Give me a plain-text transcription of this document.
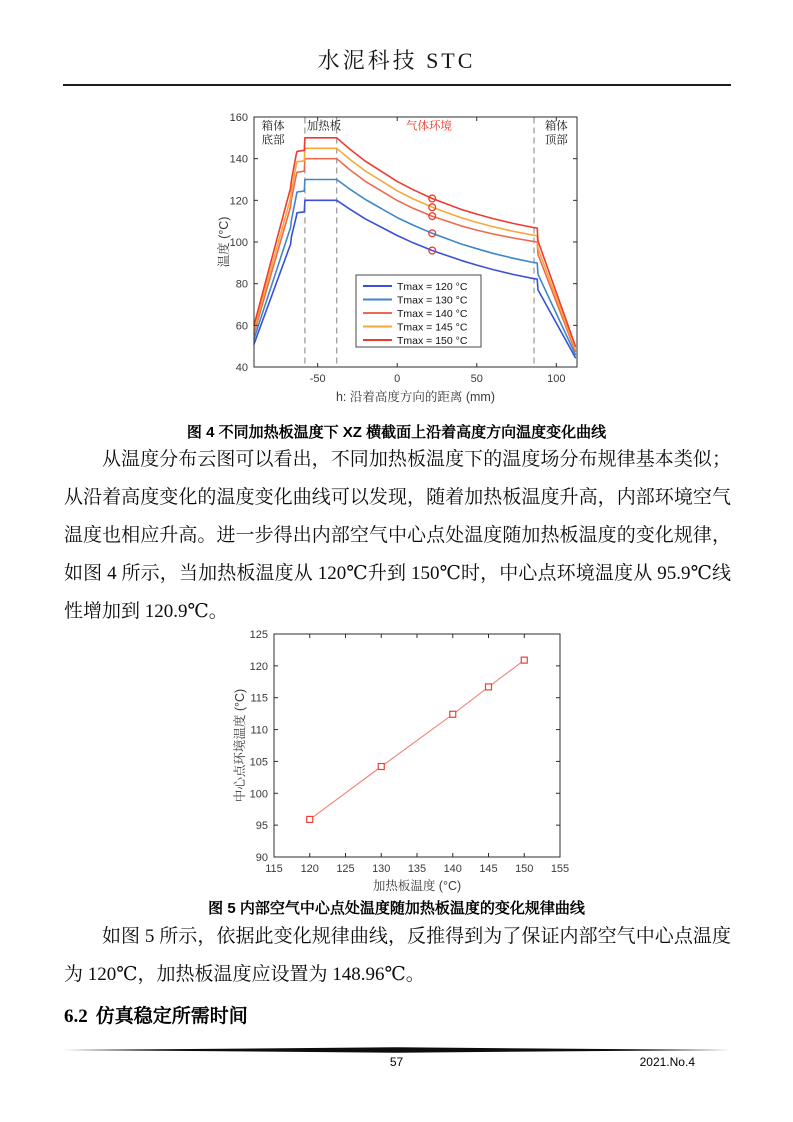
水泥科技 STC
-50	0	50	100
40
60
80
100
120
140
160
h: 沿着高度方向的距离 (mm)
温度 (°C)
箱体
底部
加热板	气体环境	箱体
顶部
Tmax = 120 °C
Tmax = 130 °C
Tmax = 140 °C
Tmax = 145 °C
Tmax = 150 °C
图 4 不同加热板温度下 XZ 横截面上沿着高度方向温度变化曲线

从温度分布云图可以看出，不同加热板温度下的温度场分布规律基本类似；从沿着高度变化的温度变化曲线可以发现，随着加热板温度升高，内部环境空气温度也相应升高。进一步得出内部空气中心点处温度随加热板温度的变化规律，如图 4 所示，当加热板温度从 120℃升到 150℃时，中心点环境温度从 95.9℃线性增加到 120.9℃。

115 120 125 130 135 140 145 150 155
90
95
100
105
110
115
120
125
加热板温度 (°C)
中心点环境温度 (°C)
图 5 内部空气中心点处温度随加热板温度的变化规律曲线

如图 5 所示，依据此变化规律曲线，反推得到为了保证内部空气中心点温度为 120℃，加热板温度应设置为 148.96℃。

6.2 仿真稳定所需时间
57	2021.No.4
